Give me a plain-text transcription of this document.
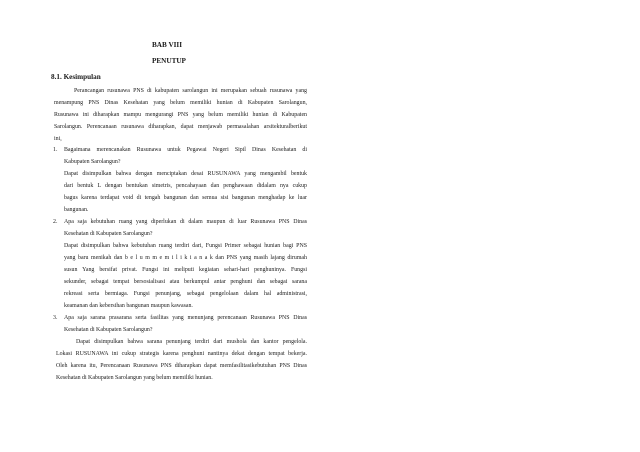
BAB VIII
PENUTUP
8.1. Kesimpulan
Perancangan rusunawa PNS di kabupaten sarolangun ini merupakan sebuah rusunawa yang
menampung PNS Dinas Kesehatan yang belum memiliki hunian di Kabupaten Sarolangun,
Rusunawa ini diharapkan mampu mengurangi PNS yang belum memiliki hunian di Kabupaten
Sarolangun. Perencanaan rusunawa diharapkan, dapat menjawab permasalahan arsitekturalberikut
ini,
1. Bagaimana merencanakan Rusunawa untuk Pegawai Negeri Sipil Dinas Kesehatan di
Kabupaten Sarolangun?
Dapat disimpulkan bahwa dengan menciptakan desai RUSUNAWA yang mengambil bentuk
dari bentuk L dengan bentukan simetris, pencahayaan dan penghawaan didalam nya cukup
bagus karena terdapat void di tengah bangunan dan semua sisi bangunan menghadap ke luar
bangunan.
2. Apa saja kebutuhan ruang yang diperlukan di dalam maupun di luar Rusunawa PNS Dinas
Kesehatan di Kabupaten Sarolangun?
Dapat disimpulkan bahwa kebutuhan ruang terdiri dari, Fungsi Primer sebagai hunian bagi PNS
yang baru menikah dan b e l u m m e m i l i k i a n a k dan PNS yang masih lajang dirumah
susun Yang bersifat privat. Fungsi ini meliputi kegiatan sehari-hari penghuninya. Fungsi
sekunder, sebagai tempat bersosialisasi atau berkumpul antar penghuni dan sebagai sarana
rekreasi serta bermiaga. Fungsi penunjang, sebagai pengelolaan dalam hal administrasi,
keamanan dan kebersihan bangunan maupun kawasan.
3. Apa saja sarana prasarana serta fasilitas yang menunjang perencanaan Rusunawa PNS Dinas
Kesehatan di Kabupaten Sarolangun?
Dapat disimpulkan bahwa sarana penunjang terdiri dari mushola dan kantor pengelola.
Lokasi RUSUNAWA ini cukup strategis karena penghuni nantinya dekat dengan tempat bekerja.
Oleh karena itu, Perencanaan Rusunawa PNS diharapkan dapat memfasilitasikebutuhan PNS Dinas
Kesehatan di Kabupaten Sarolangun yang belum memiliki hunian.
